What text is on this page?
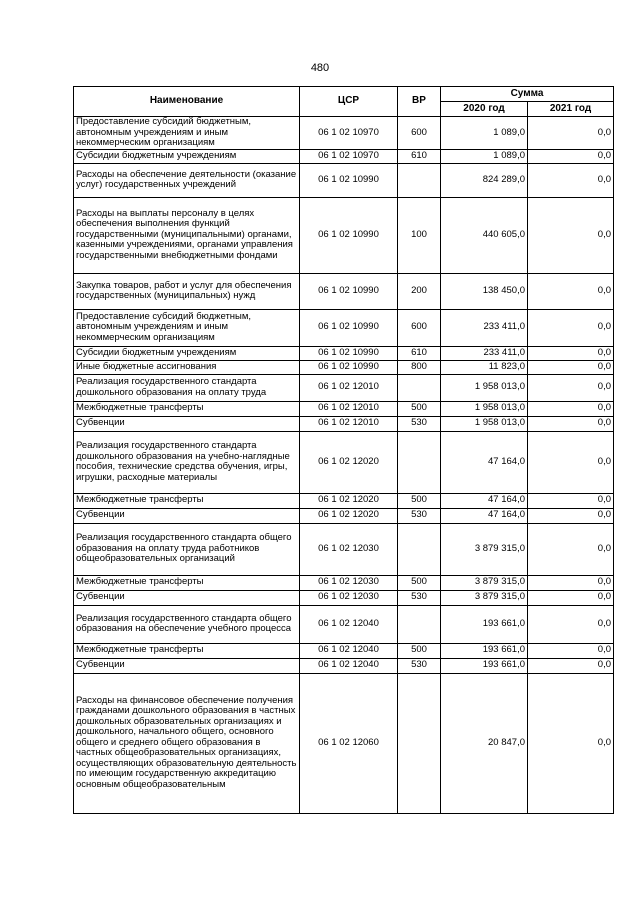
480
Наименование	ЦСР	ВР	Сумма	
			2020 год	2021 год
Предоставление субсидий бюджетным, автономным учреждениям и иным некоммерческим организациям	06 1 02 10970	600	1 089,0	0,0
Субсидии бюджетным учреждениям	06 1 02 10970	610	1 089,0	0,0
Расходы на обеспечение деятельности (оказание услуг) государственных учреждений	06 1 02 10990		824 289,0	0,0
Расходы на выплаты персоналу в целях обеспечения выполнения функций государственными (муниципальными) органами, казенными учреждениями, органами управления государственными внебюджетными фондами	06 1 02 10990	100	440 605,0	0,0
Закупка товаров, работ и услуг для обеспечения государственных (муниципальных) нужд	06 1 02 10990	200	138 450,0	0,0
Предоставление субсидий бюджетным, автономным учреждениям и иным некоммерческим организациям	06 1 02 10990	600	233 411,0	0,0
Субсидии бюджетным учреждениям	06 1 02 10990	610	233 411,0	0,0
Иные бюджетные ассигнования	06 1 02 10990	800	11 823,0	0,0
Реализация государственного стандарта дошкольного образования на оплату труда	06 1 02 12010		1 958 013,0	0,0
Межбюджетные трансферты	06 1 02 12010	500	1 958 013,0	0,0
Субвенции	06 1 02 12010	530	1 958 013,0	0,0
Реализация государственного стандарта дошкольного образования на учебно-наглядные пособия, технические средства обучения, игры, игрушки, расходные материалы	06 1 02 12020		47 164,0	0,0
Межбюджетные трансферты	06 1 02 12020	500	47 164,0	0,0
Субвенции	06 1 02 12020	530	47 164,0	0,0
Реализация государственного стандарта общего образования на оплату труда работников общеобразовательных организаций	06 1 02 12030		3 879 315,0	0,0
Межбюджетные трансферты	06 1 02 12030	500	3 879 315,0	0,0
Субвенции	06 1 02 12030	530	3 879 315,0	0,0
Реализация государственного стандарта общего образования на обеспечение учебного процесса	06 1 02 12040		193 661,0	0,0
Межбюджетные трансферты	06 1 02 12040	500	193 661,0	0,0
Субвенции	06 1 02 12040	530	193 661,0	0,0
Расходы на финансовое обеспечение получения гражданами дошкольного образования в частных дошкольных образовательных организациях и дошкольного, начального общего, основного общего и среднего общего образования в частных общеобразовательных организациях, осуществляющих образовательную деятельность по имеющим государственную аккредитацию основным общеобразовательным	06 1 02 12060		20 847,0	0,0
